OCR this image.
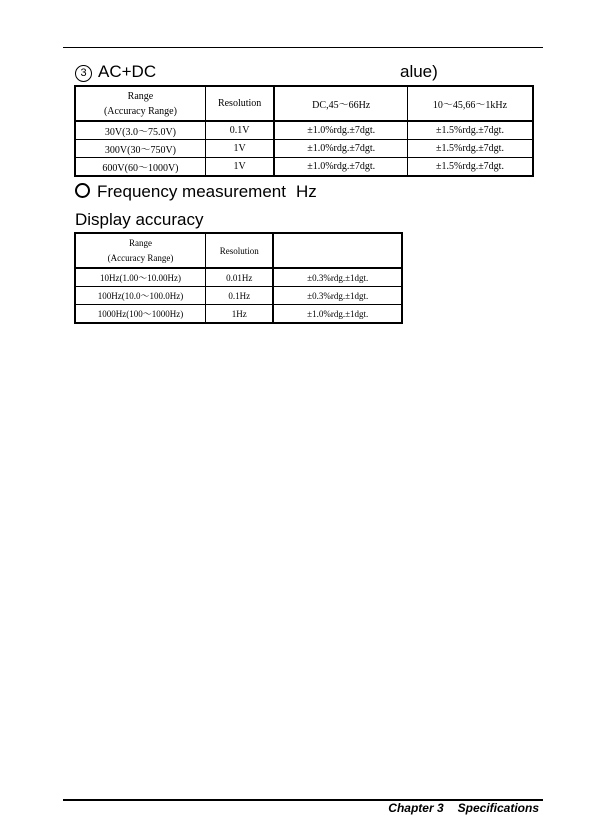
3 AC+DC	alue)
Range
(Accuracy Range)	Resolution	DC,45～66Hz	10～45,66～1kHz
30V(3.0～75.0V)	0.1V	±1.0%rdg.±7dgt.	±1.5%rdg.±7dgt.
300V(30～750V)	1V	±1.0%rdg.±7dgt.	±1.5%rdg.±7dgt.
600V(60～1000V)	1V	±1.0%rdg.±7dgt.	±1.5%rdg.±7dgt.
Frequency measurement Hz
Display accuracy
Range
(Accuracy Range)	Resolution	
10Hz(1.00～10.00Hz)	0.01Hz	±0.3%rdg.±1dgt.
100Hz(10.0～100.0Hz)	0.1Hz	±0.3%rdg.±1dgt.
1000Hz(100～1000Hz)	1Hz	±1.0%rdg.±1dgt.
Chapter 3 Specifications
